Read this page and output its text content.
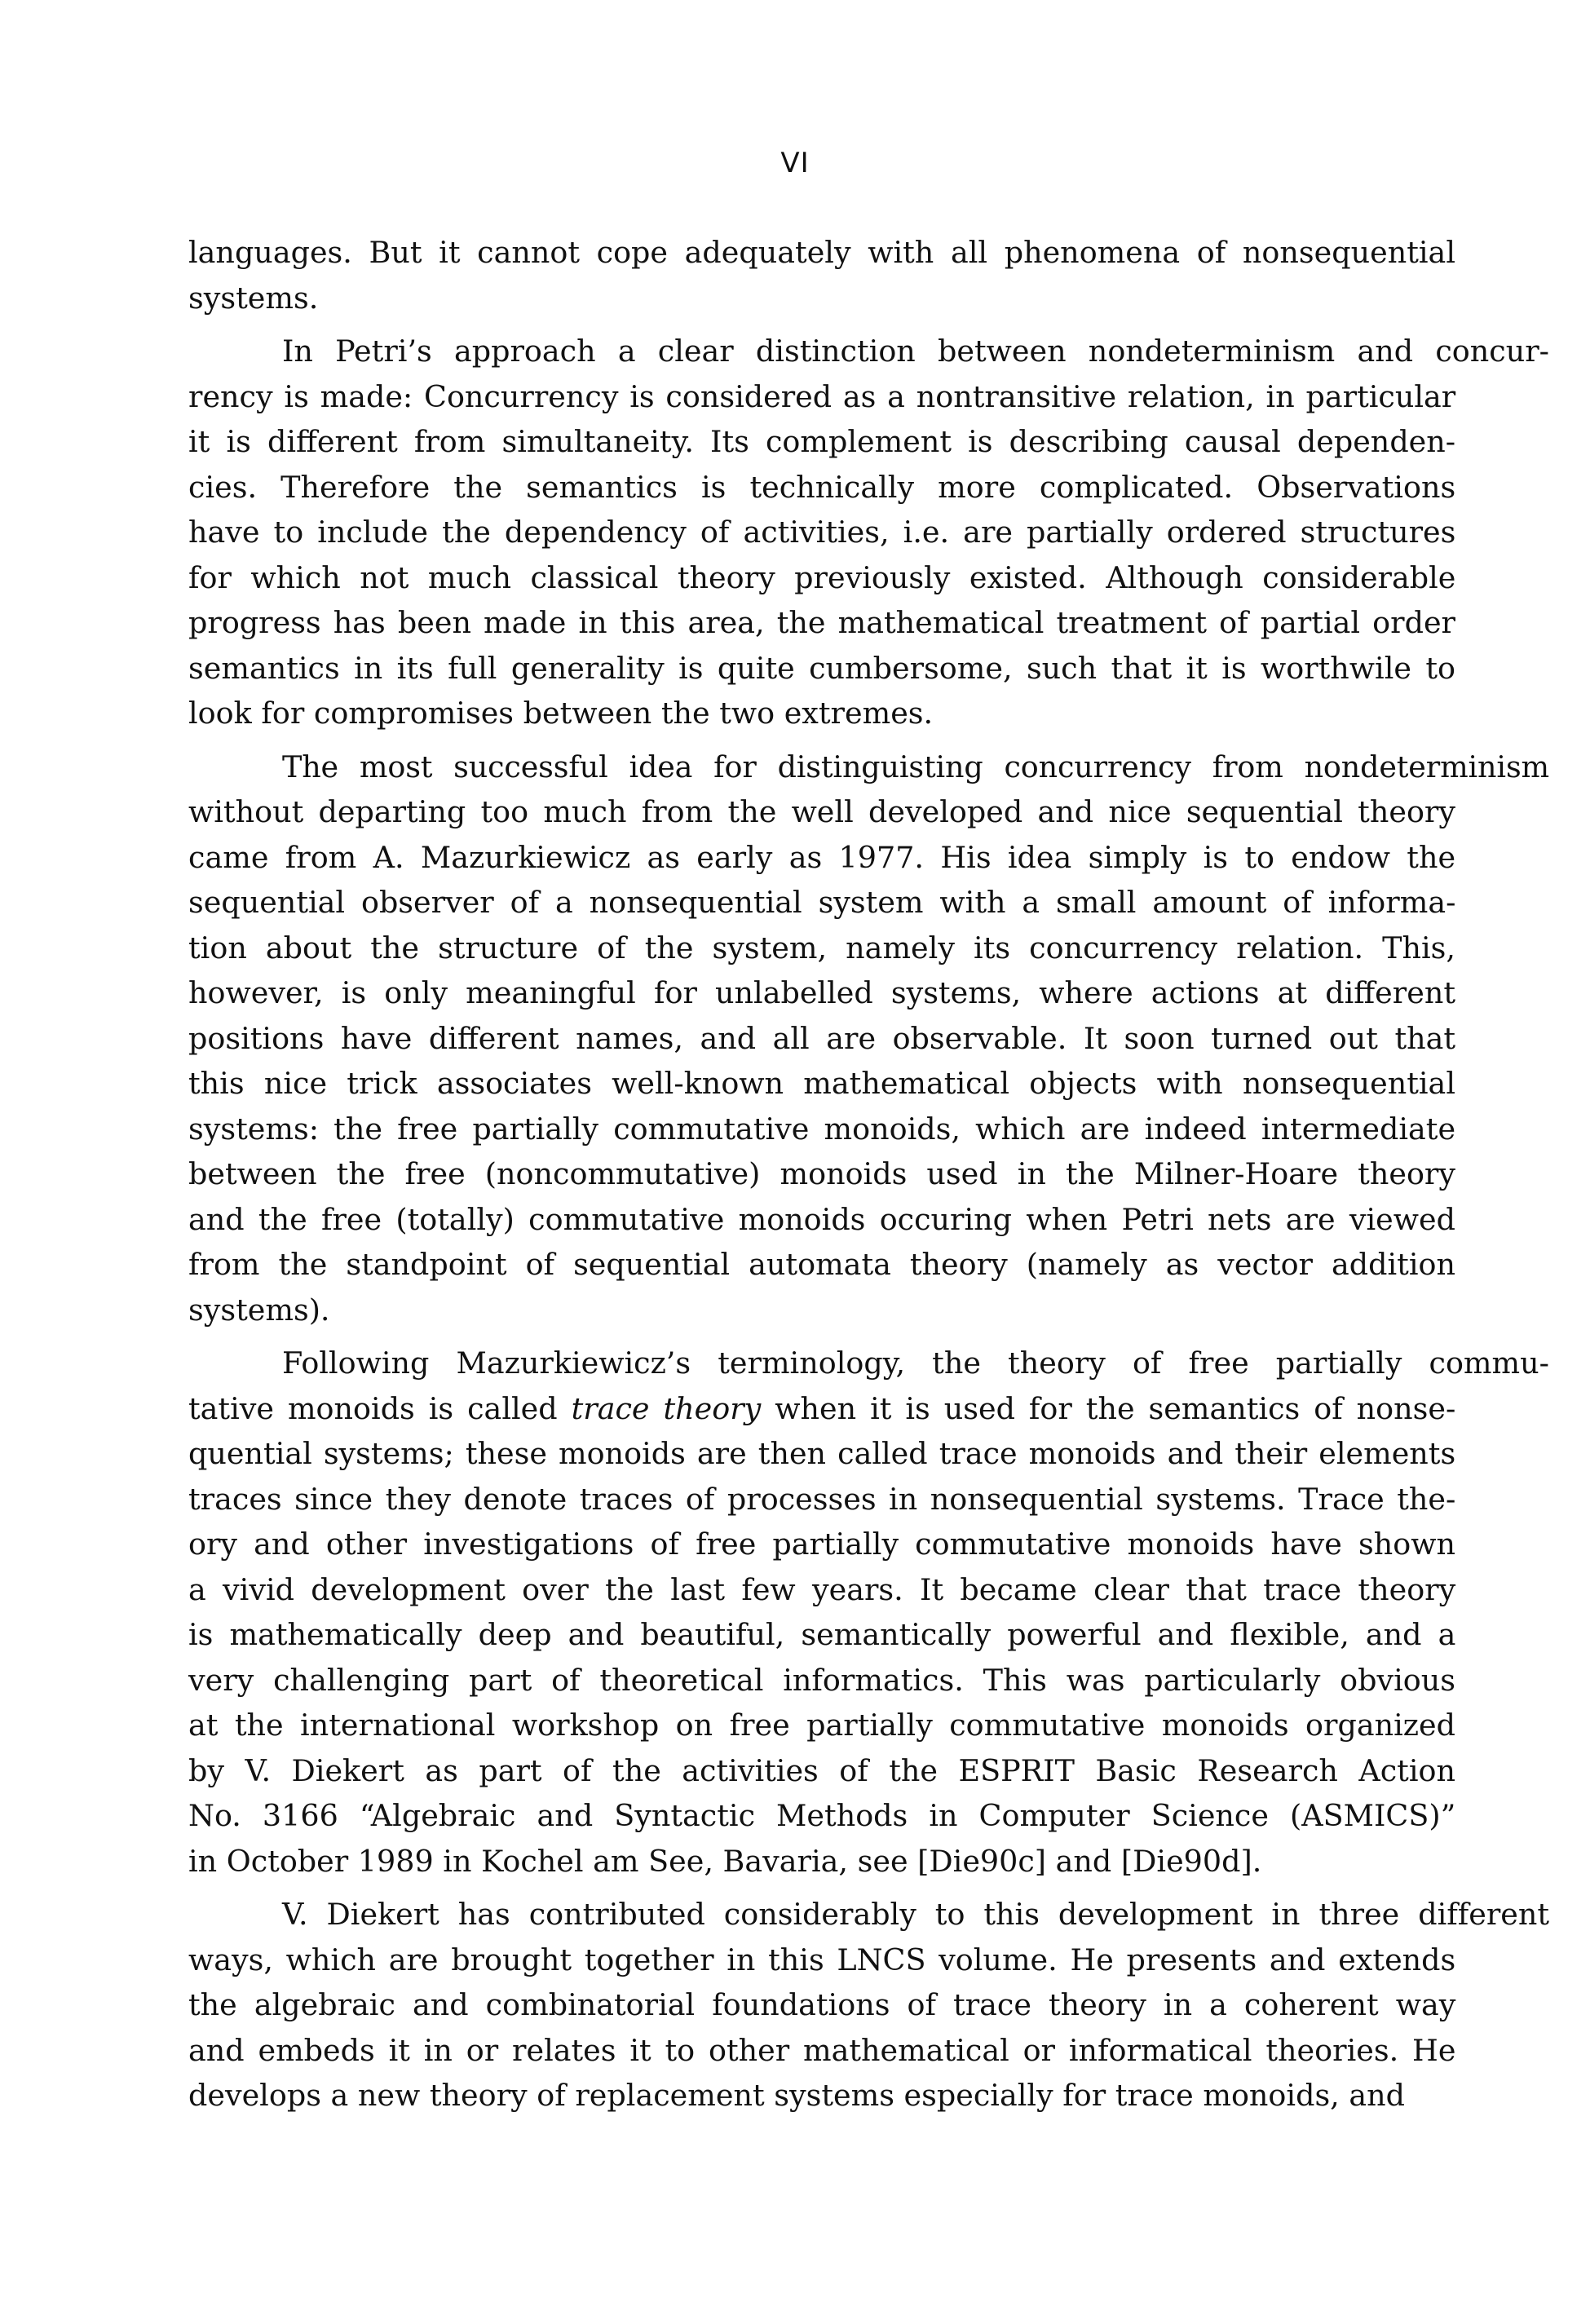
VI
languages. But it cannot cope adequately with all phenomena of nonsequential
systems.
In Petri’s approach a clear distinction between nondeterminism and concur-
rency is made: Concurrency is considered as a nontransitive relation, in particular
it is different from simultaneity. Its complement is describing causal dependen-
cies. Therefore the semantics is technically more complicated. Observations
have to include the dependency of activities, i.e. are partially ordered structures
for which not much classical theory previously existed. Although considerable
progress has been made in this area, the mathematical treatment of partial order
semantics in its full generality is quite cumbersome, such that it is worthwile to
look for compromises between the two extremes.
The most successful idea for distinguisting concurrency from nondeterminism
without departing too much from the well developed and nice sequential theory
came from A. Mazurkiewicz as early as 1977. His idea simply is to endow the
sequential observer of a nonsequential system with a small amount of informa-
tion about the structure of the system, namely its concurrency relation. This,
however, is only meaningful for unlabelled systems, where actions at different
positions have different names, and all are observable. It soon turned out that
this nice trick associates well-known mathematical objects with nonsequential
systems: the free partially commutative monoids, which are indeed intermediate
between the free (noncommutative) monoids used in the Milner-Hoare theory
and the free (totally) commutative monoids occuring when Petri nets are viewed
from the standpoint of sequential automata theory (namely as vector addition
systems).
Following Mazurkiewicz’s terminology, the theory of free partially commu-
tative monoids is called trace theory when it is used for the semantics of nonse-
quential systems; these monoids are then called trace monoids and their elements
traces since they denote traces of processes in nonsequential systems. Trace the-
ory and other investigations of free partially commutative monoids have shown
a vivid development over the last few years. It became clear that trace theory
is mathematically deep and beautiful, semantically powerful and flexible, and a
very challenging part of theoretical informatics. This was particularly obvious
at the international workshop on free partially commutative monoids organized
by V. Diekert as part of the activities of the ESPRIT Basic Research Action
No. 3166 “Algebraic and Syntactic Methods in Computer Science (ASMICS)”
in October 1989 in Kochel am See, Bavaria, see [Die90c] and [Die90d].
V. Diekert has contributed considerably to this development in three different
ways, which are brought together in this LNCS volume. He presents and extends
the algebraic and combinatorial foundations of trace theory in a coherent way
and embeds it in or relates it to other mathematical or informatical theories. He
develops a new theory of replacement systems especially for trace monoids, and
